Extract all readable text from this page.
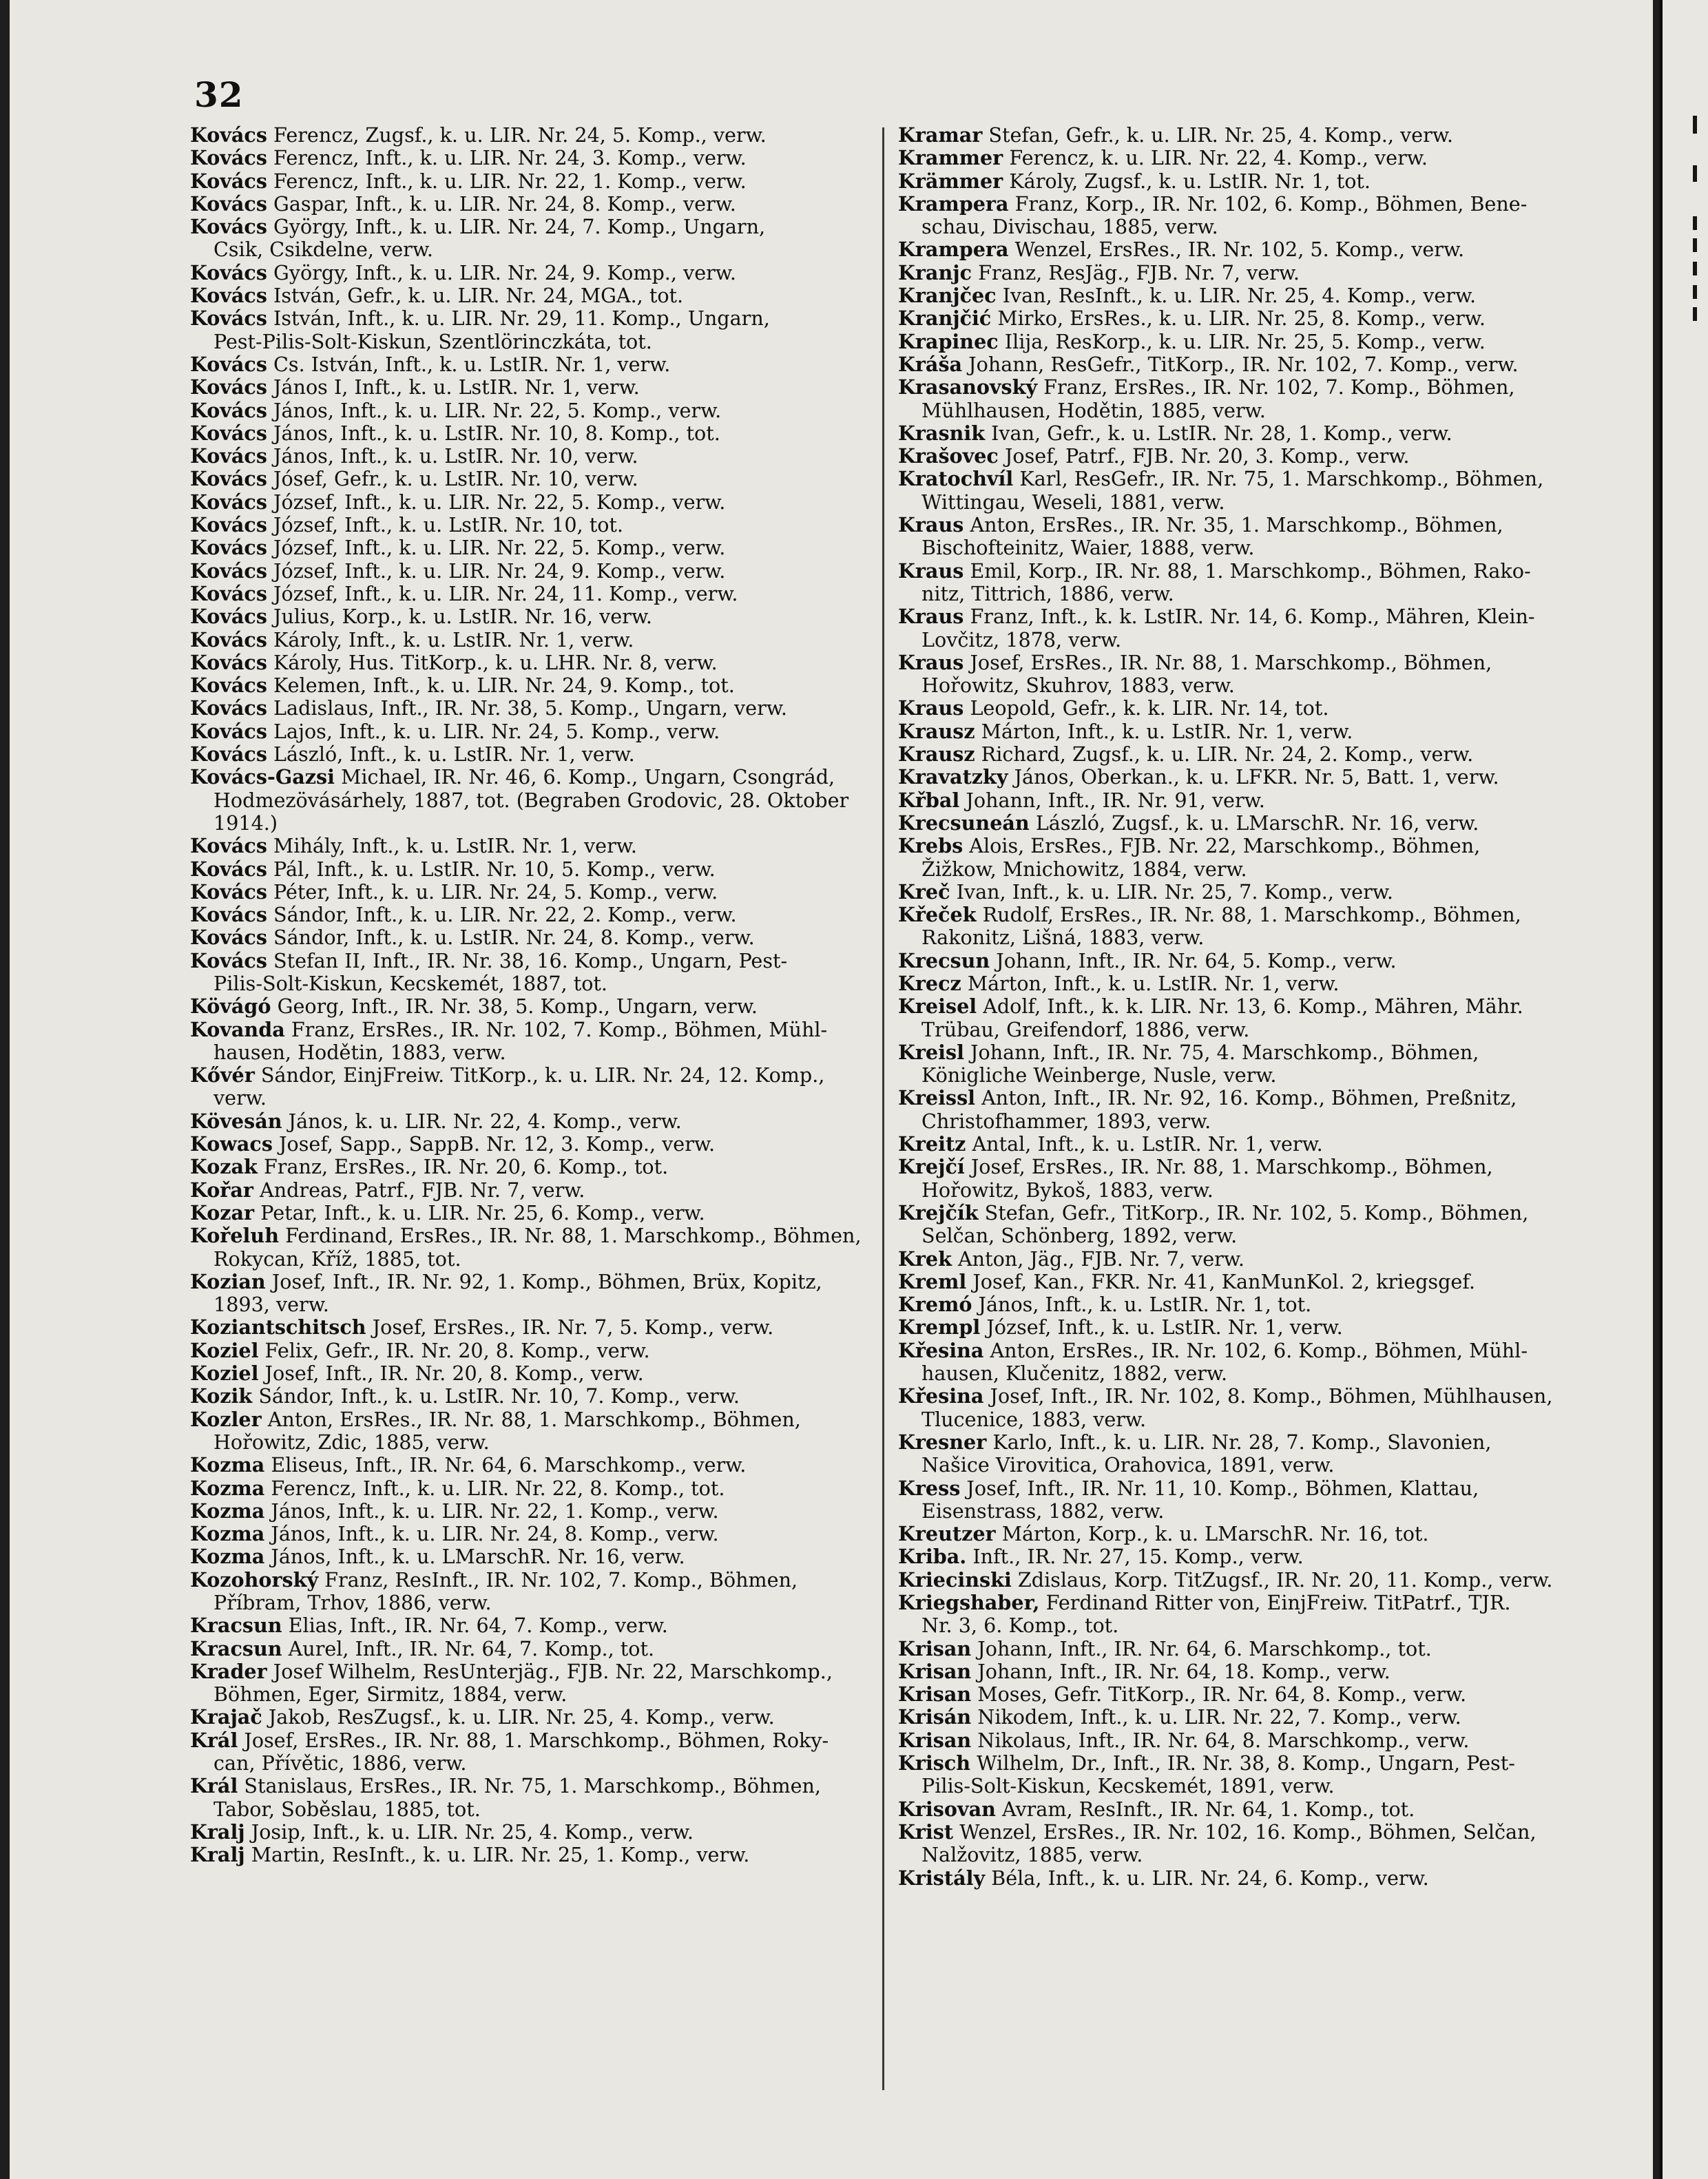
32
Kovács Ferencz, Zugsf., k. u. LIR. Nr. 24, 5. Komp., verw.
Kovács Ferencz, Inft., k. u. LIR. Nr. 24, 3. Komp., verw.
Kovács Ferencz, Inft., k. u. LIR. Nr. 22, 1. Komp., verw.
Kovács Gaspar, Inft., k. u. LIR. Nr. 24, 8. Komp., verw.
Kovács György, Inft., k. u. LIR. Nr. 24, 7. Komp., Ungarn,
Csik, Csikdelne, verw.
Kovács György, Inft., k. u. LIR. Nr. 24, 9. Komp., verw.
Kovács István, Gefr., k. u. LIR. Nr. 24, MGA., tot.
Kovács István, Inft., k. u. LIR. Nr. 29, 11. Komp., Ungarn,
Pest-Pilis-Solt-Kiskun, Szentlörinczkáta, tot.
Kovács Cs. István, Inft., k. u. LstIR. Nr. 1, verw.
Kovács János I, Inft., k. u. LstIR. Nr. 1, verw.
Kovács János, Inft., k. u. LIR. Nr. 22, 5. Komp., verw.
Kovács János, Inft., k. u. LstIR. Nr. 10, 8. Komp., tot.
Kovács János, Inft., k. u. LstIR. Nr. 10, verw.
Kovács Jósef, Gefr., k. u. LstIR. Nr. 10, verw.
Kovács József, Inft., k. u. LIR. Nr. 22, 5. Komp., verw.
Kovács József, Inft., k. u. LstIR. Nr. 10, tot.
Kovács József, Inft., k. u. LIR. Nr. 22, 5. Komp., verw.
Kovács József, Inft., k. u. LIR. Nr. 24, 9. Komp., verw.
Kovács József, Inft., k. u. LIR. Nr. 24, 11. Komp., verw.
Kovács Julius, Korp., k. u. LstIR. Nr. 16, verw.
Kovács Károly, Inft., k. u. LstIR. Nr. 1, verw.
Kovács Károly, Hus. TitKorp., k. u. LHR. Nr. 8, verw.
Kovács Kelemen, Inft., k. u. LIR. Nr. 24, 9. Komp., tot.
Kovács Ladislaus, Inft., IR. Nr. 38, 5. Komp., Ungarn, verw.
Kovács Lajos, Inft., k. u. LIR. Nr. 24, 5. Komp., verw.
Kovács László, Inft., k. u. LstIR. Nr. 1, verw.
Kovács-Gazsi Michael, IR. Nr. 46, 6. Komp., Ungarn, Csongrád,
Hodmezövásárhely, 1887, tot. (Begraben Grodovic, 28. Oktober
1914.)
Kovács Mihály, Inft., k. u. LstIR. Nr. 1, verw.
Kovács Pál, Inft., k. u. LstIR. Nr. 10, 5. Komp., verw.
Kovács Péter, Inft., k. u. LIR. Nr. 24, 5. Komp., verw.
Kovács Sándor, Inft., k. u. LIR. Nr. 22, 2. Komp., verw.
Kovács Sándor, Inft., k. u. LstIR. Nr. 24, 8. Komp., verw.
Kovács Stefan II, Inft., IR. Nr. 38, 16. Komp., Ungarn, Pest-
Pilis-Solt-Kiskun, Kecskemét, 1887, tot.
Kövágó Georg, Inft., IR. Nr. 38, 5. Komp., Ungarn, verw.
Kovanda Franz, ErsRes., IR. Nr. 102, 7. Komp., Böhmen, Mühl-
hausen, Hodětin, 1883, verw.
Kővér Sándor, EinjFreiw. TitKorp., k. u. LIR. Nr. 24, 12. Komp.,
verw.
Kövesán János, k. u. LIR. Nr. 22, 4. Komp., verw.
Kowacs Josef, Sapp., SappB. Nr. 12, 3. Komp., verw.
Kozak Franz, ErsRes., IR. Nr. 20, 6. Komp., tot.
Kořar Andreas, Patrf., FJB. Nr. 7, verw.
Kozar Petar, Inft., k. u. LIR. Nr. 25, 6. Komp., verw.
Kořeluh Ferdinand, ErsRes., IR. Nr. 88, 1. Marschkomp., Böhmen,
Rokycan, Kříž, 1885, tot.
Kozian Josef, Inft., IR. Nr. 92, 1. Komp., Böhmen, Brüx, Kopitz,
1893, verw.
Koziantschitsch Josef, ErsRes., IR. Nr. 7, 5. Komp., verw.
Koziel Felix, Gefr., IR. Nr. 20, 8. Komp., verw.
Koziel Josef, Inft., IR. Nr. 20, 8. Komp., verw.
Kozik Sándor, Inft., k. u. LstIR. Nr. 10, 7. Komp., verw.
Kozler Anton, ErsRes., IR. Nr. 88, 1. Marschkomp., Böhmen,
Hořowitz, Zdic, 1885, verw.
Kozma Eliseus, Inft., IR. Nr. 64, 6. Marschkomp., verw.
Kozma Ferencz, Inft., k. u. LIR. Nr. 22, 8. Komp., tot.
Kozma János, Inft., k. u. LIR. Nr. 22, 1. Komp., verw.
Kozma János, Inft., k. u. LIR. Nr. 24, 8. Komp., verw.
Kozma János, Inft., k. u. LMarschR. Nr. 16, verw.
Kozohorský Franz, ResInft., IR. Nr. 102, 7. Komp., Böhmen,
Příbram, Trhov, 1886, verw.
Kracsun Elias, Inft., IR. Nr. 64, 7. Komp., verw.
Kracsun Aurel, Inft., IR. Nr. 64, 7. Komp., tot.
Krader Josef Wilhelm, ResUnterjäg., FJB. Nr. 22, Marschkomp.,
Böhmen, Eger, Sirmitz, 1884, verw.
Krajač Jakob, ResZugsf., k. u. LIR. Nr. 25, 4. Komp., verw.
Král Josef, ErsRes., IR. Nr. 88, 1. Marschkomp., Böhmen, Roky-
can, Přívětic, 1886, verw.
Král Stanislaus, ErsRes., IR. Nr. 75, 1. Marschkomp., Böhmen,
Tabor, Soběslau, 1885, tot.
Kralj Josip, Inft., k. u. LIR. Nr. 25, 4. Komp., verw.
Kralj Martin, ResInft., k. u. LIR. Nr. 25, 1. Komp., verw.
Kramar Stefan, Gefr., k. u. LIR. Nr. 25, 4. Komp., verw.
Krammer Ferencz, k. u. LIR. Nr. 22, 4. Komp., verw.
Krämmer Károly, Zugsf., k. u. LstIR. Nr. 1, tot.
Krampera Franz, Korp., IR. Nr. 102, 6. Komp., Böhmen, Bene-
schau, Divischau, 1885, verw.
Krampera Wenzel, ErsRes., IR. Nr. 102, 5. Komp., verw.
Kranjc Franz, ResJäg., FJB. Nr. 7, verw.
Kranjčec Ivan, ResInft., k. u. LIR. Nr. 25, 4. Komp., verw.
Kranjčić Mirko, ErsRes., k. u. LIR. Nr. 25, 8. Komp., verw.
Krapinec Ilija, ResKorp., k. u. LIR. Nr. 25, 5. Komp., verw.
Kráša Johann, ResGefr., TitKorp., IR. Nr. 102, 7. Komp., verw.
Krasanovský Franz, ErsRes., IR. Nr. 102, 7. Komp., Böhmen,
Mühlhausen, Hodětin, 1885, verw.
Krasnik Ivan, Gefr., k. u. LstIR. Nr. 28, 1. Komp., verw.
Krašovec Josef, Patrf., FJB. Nr. 20, 3. Komp., verw.
Kratochvíl Karl, ResGefr., IR. Nr. 75, 1. Marschkomp., Böhmen,
Wittingau, Weseli, 1881, verw.
Kraus Anton, ErsRes., IR. Nr. 35, 1. Marschkomp., Böhmen,
Bischofteinitz, Waier, 1888, verw.
Kraus Emil, Korp., IR. Nr. 88, 1. Marschkomp., Böhmen, Rako-
nitz, Tittrich, 1886, verw.
Kraus Franz, Inft., k. k. LstIR. Nr. 14, 6. Komp., Mähren, Klein-
Lovčitz, 1878, verw.
Kraus Josef, ErsRes., IR. Nr. 88, 1. Marschkomp., Böhmen,
Hořowitz, Skuhrov, 1883, verw.
Kraus Leopold, Gefr., k. k. LIR. Nr. 14, tot.
Krausz Márton, Inft., k. u. LstIR. Nr. 1, verw.
Krausz Richard, Zugsf., k. u. LIR. Nr. 24, 2. Komp., verw.
Kravatzky János, Oberkan., k. u. LFKR. Nr. 5, Batt. 1, verw.
Křbal Johann, Inft., IR. Nr. 91, verw.
Krecsuneán László, Zugsf., k. u. LMarschR. Nr. 16, verw.
Krebs Alois, ErsRes., FJB. Nr. 22, Marschkomp., Böhmen,
Žižkow, Mnichowitz, 1884, verw.
Kreč Ivan, Inft., k. u. LIR. Nr. 25, 7. Komp., verw.
Křeček Rudolf, ErsRes., IR. Nr. 88, 1. Marschkomp., Böhmen,
Rakonitz, Lišná, 1883, verw.
Krecsun Johann, Inft., IR. Nr. 64, 5. Komp., verw.
Krecz Márton, Inft., k. u. LstIR. Nr. 1, verw.
Kreisel Adolf, Inft., k. k. LIR. Nr. 13, 6. Komp., Mähren, Mähr.
Trübau, Greifendorf, 1886, verw.
Kreisl Johann, Inft., IR. Nr. 75, 4. Marschkomp., Böhmen,
Königliche Weinberge, Nusle, verw.
Kreissl Anton, Inft., IR. Nr. 92, 16. Komp., Böhmen, Preßnitz,
Christofhammer, 1893, verw.
Kreitz Antal, Inft., k. u. LstIR. Nr. 1, verw.
Krejčí Josef, ErsRes., IR. Nr. 88, 1. Marschkomp., Böhmen,
Hořowitz, Bykoš, 1883, verw.
Krejčík Stefan, Gefr., TitKorp., IR. Nr. 102, 5. Komp., Böhmen,
Selčan, Schönberg, 1892, verw.
Krek Anton, Jäg., FJB. Nr. 7, verw.
Kreml Josef, Kan., FKR. Nr. 41, KanMunKol. 2, kriegsgef.
Kremó János, Inft., k. u. LstIR. Nr. 1, tot.
Krempl József, Inft., k. u. LstIR. Nr. 1, verw.
Křesina Anton, ErsRes., IR. Nr. 102, 6. Komp., Böhmen, Mühl-
hausen, Klučenitz, 1882, verw.
Křesina Josef, Inft., IR. Nr. 102, 8. Komp., Böhmen, Mühlhausen,
Tlucenice, 1883, verw.
Kresner Karlo, Inft., k. u. LIR. Nr. 28, 7. Komp., Slavonien,
Našice Virovitica, Orahovica, 1891, verw.
Kress Josef, Inft., IR. Nr. 11, 10. Komp., Böhmen, Klattau,
Eisenstrass, 1882, verw.
Kreutzer Márton, Korp., k. u. LMarschR. Nr. 16, tot.
Kriba. Inft., IR. Nr. 27, 15. Komp., verw.
Kriecinski Zdislaus, Korp. TitZugsf., IR. Nr. 20, 11. Komp., verw.
Kriegshaber, Ferdinand Ritter von, EinjFreiw. TitPatrf., TJR.
Nr. 3, 6. Komp., tot.
Krisan Johann, Inft., IR. Nr. 64, 6. Marschkomp., tot.
Krisan Johann, Inft., IR. Nr. 64, 18. Komp., verw.
Krisan Moses, Gefr. TitKorp., IR. Nr. 64, 8. Komp., verw.
Krisán Nikodem, Inft., k. u. LIR. Nr. 22, 7. Komp., verw.
Krisan Nikolaus, Inft., IR. Nr. 64, 8. Marschkomp., verw.
Krisch Wilhelm, Dr., Inft., IR. Nr. 38, 8. Komp., Ungarn, Pest-
Pilis-Solt-Kiskun, Kecskemét, 1891, verw.
Krisovan Avram, ResInft., IR. Nr. 64, 1. Komp., tot.
Krist Wenzel, ErsRes., IR. Nr. 102, 16. Komp., Böhmen, Selčan,
Nalžovitz, 1885, verw.
Kristály Béla, Inft., k. u. LIR. Nr. 24, 6. Komp., verw.
